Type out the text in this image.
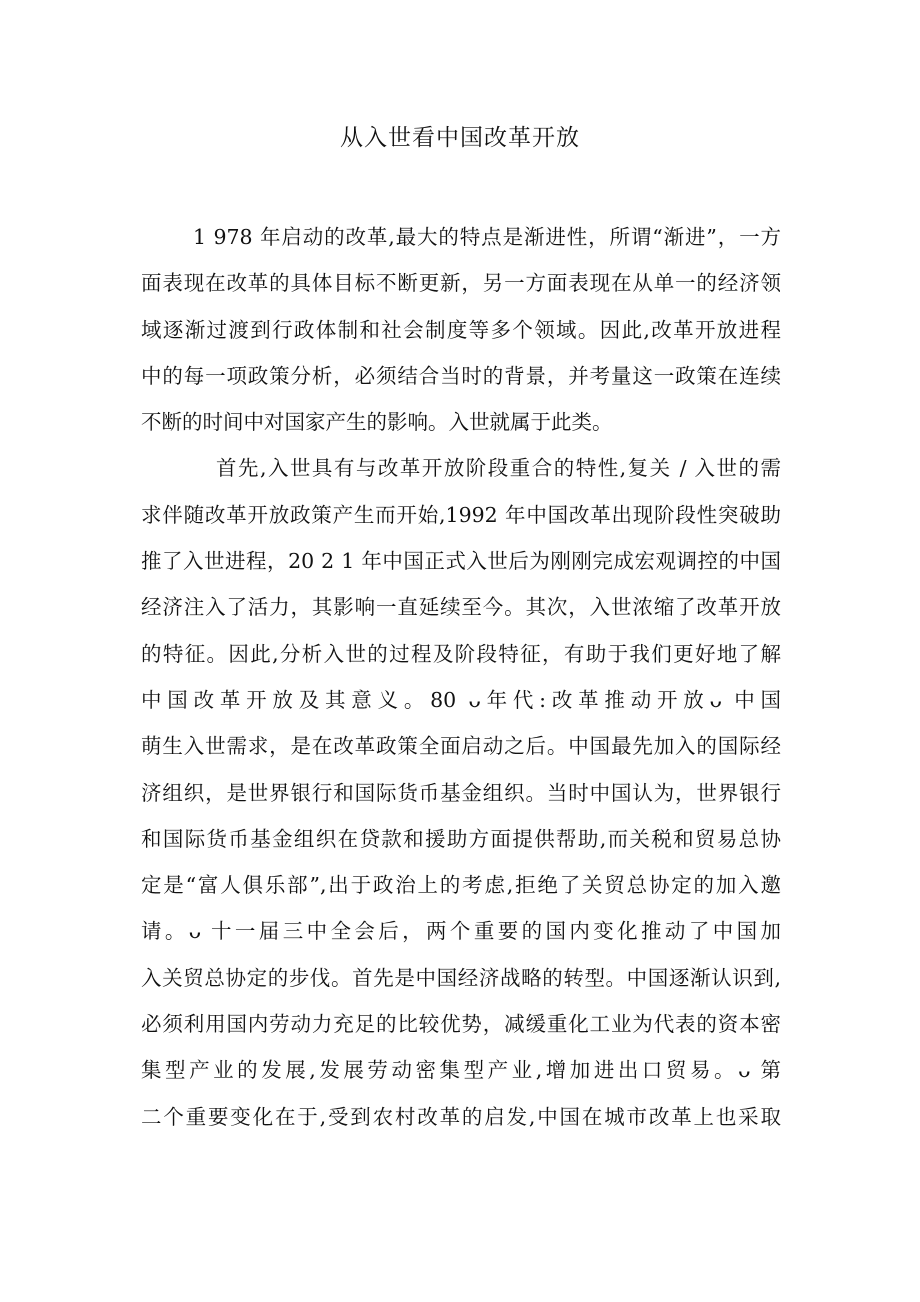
从入世看中国改革开放
1 978 年启动的改革,最大的特点是渐进性，所谓“渐进”，一方
面表现在改革的具体目标不断更新，另一方面表现在从单一的经济领
域逐渐过渡到行政体制和社会制度等多个领域。因此,改革开放进程
中的每一项政策分析，必须结合当时的背景，并考量这一政策在连续
不断的时间中对国家产生的影响。入世就属于此类。
首先,入世具有与改革开放阶段重合的特性,复关 / 入世的需
求伴随改革开放政策产生而开始,1992 年中国改革出现阶段性突破助
推了入世进程，20 2 1 年中国正式入世后为刚刚完成宏观调控的中国
经济注入了活力，其影响一直延续至今。其次，入世浓缩了改革开放
的特征。因此,分析入世的过程及阶段特征，有助于我们更好地了解
中国改革开放及其意义。80 ᴗ年代:改革推动开放ᴗ 中国
萌生入世需求，是在改革政策全面启动之后。中国最先加入的国际经
济组织，是世界银行和国际货币基金组织。当时中国认为，世界银行
和国际货币基金组织在贷款和援助方面提供帮助,而关税和贸易总协
定是“富人俱乐部”,出于政治上的考虑,拒绝了关贸总协定的加入邀
请。ᴗ 十一届三中全会后，两个重要的国内变化推动了中国加
入关贸总协定的步伐。首先是中国经济战略的转型。中国逐渐认识到,
必须利用国内劳动力充足的比较优势，减缓重化工业为代表的资本密
集型产业的发展,发展劳动密集型产业,增加进出口贸易。ᴗ 第
二个重要变化在于,受到农村改革的启发,中国在城市改革上也采取
